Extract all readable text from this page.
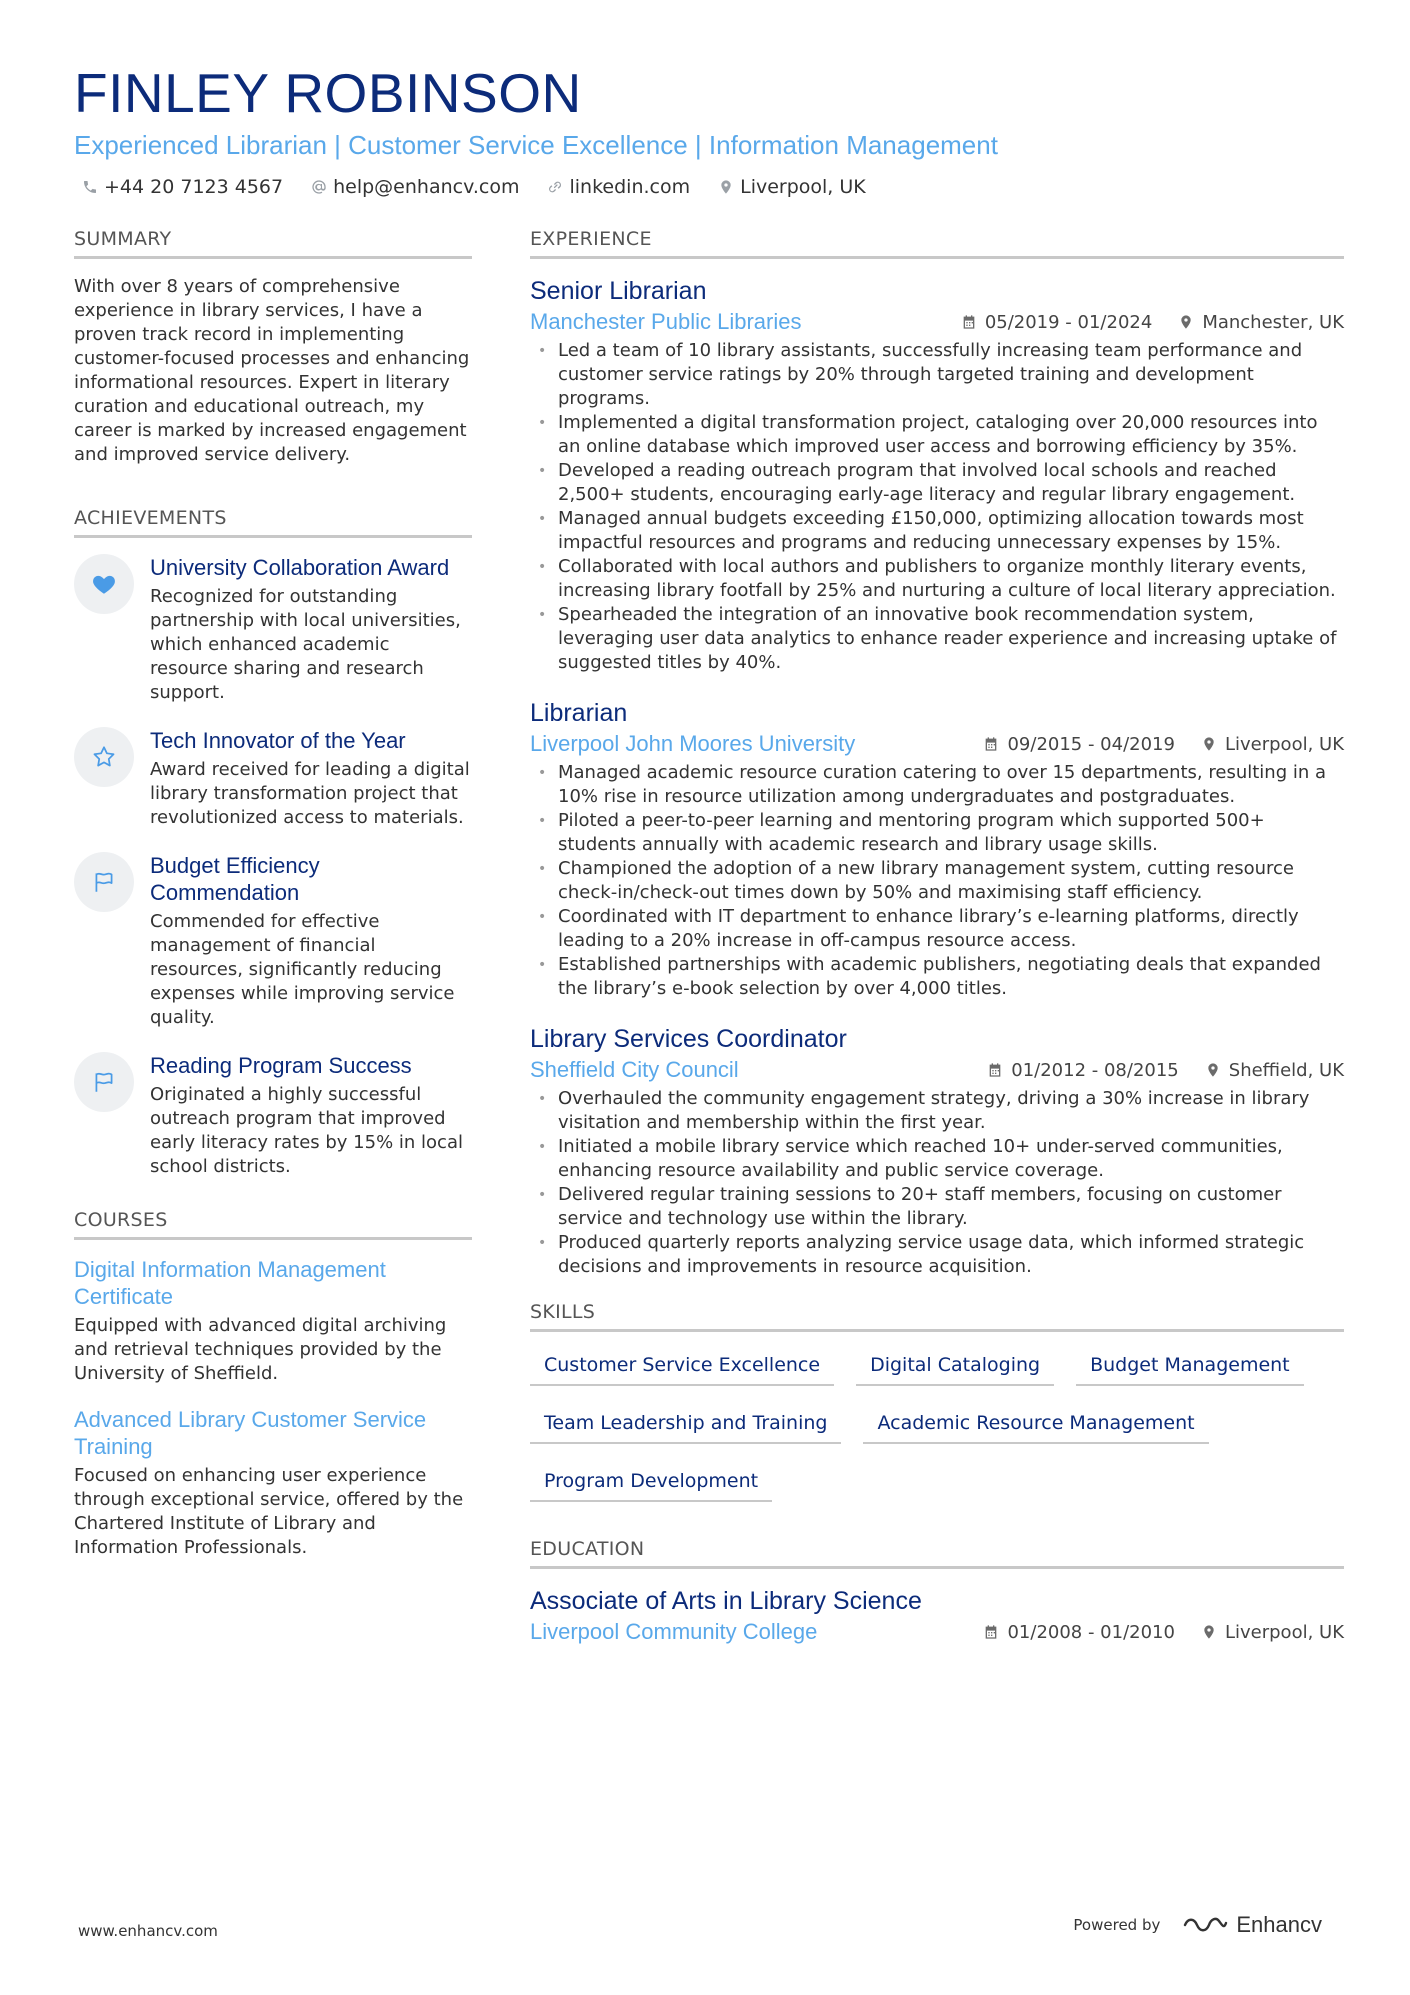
FINLEY ROBINSON
Experienced Librarian | Customer Service Excellence | Information Management
+44 20 7123 4567	help@enhancv.com	linkedin.com	Liverpool, UK
SUMMARY
With over 8 years of comprehensive experience in library services, I have a proven track record in implementing customer-focused processes and enhancing informational resources. Expert in literary curation and educational outreach, my career is marked by increased engagement and improved service delivery.
ACHIEVEMENTS
University Collaboration Award
Recognized for outstanding partnership with local universities, which enhanced academic resource sharing and research support.
Tech Innovator of the Year
Award received for leading a digital library transformation project that revolutionized access to materials.
Budget Efficiency Commendation
Commended for effective management of financial resources, significantly reducing expenses while improving service quality.
Reading Program Success
Originated a highly successful outreach program that improved early literacy rates by 15% in local school districts.
COURSES
Digital Information Management Certificate
Equipped with advanced digital archiving and retrieval techniques provided by the University of Sheffield.
Advanced Library Customer Service Training
Focused on enhancing user experience through exceptional service, offered by the Chartered Institute of Library and Information Professionals.
EXPERIENCE
Senior Librarian
Manchester Public Libraries	05/2019 - 01/2024	Manchester, UK
• Led a team of 10 library assistants, successfully increasing team performance and customer service ratings by 20% through targeted training and development programs.
• Implemented a digital transformation project, cataloging over 20,000 resources into an online database which improved user access and borrowing efficiency by 35%.
• Developed a reading outreach program that involved local schools and reached 2,500+ students, encouraging early-age literacy and regular library engagement.
• Managed annual budgets exceeding £150,000, optimizing allocation towards most impactful resources and programs and reducing unnecessary expenses by 15%.
• Collaborated with local authors and publishers to organize monthly literary events, increasing library footfall by 25% and nurturing a culture of local literary appreciation.
• Spearheaded the integration of an innovative book recommendation system, leveraging user data analytics to enhance reader experience and increasing uptake of suggested titles by 40%.
Librarian
Liverpool John Moores University	09/2015 - 04/2019	Liverpool, UK
• Managed academic resource curation catering to over 15 departments, resulting in a 10% rise in resource utilization among undergraduates and postgraduates.
• Piloted a peer-to-peer learning and mentoring program which supported 500+ students annually with academic research and library usage skills.
• Championed the adoption of a new library management system, cutting resource check-in/check-out times down by 50% and maximising staff efficiency.
• Coordinated with IT department to enhance library’s e-learning platforms, directly leading to a 20% increase in off-campus resource access.
• Established partnerships with academic publishers, negotiating deals that expanded the library’s e-book selection by over 4,000 titles.
Library Services Coordinator
Sheffield City Council	01/2012 - 08/2015	Sheffield, UK
• Overhauled the community engagement strategy, driving a 30% increase in library visitation and membership within the first year.
• Initiated a mobile library service which reached 10+ under-served communities, enhancing resource availability and public service coverage.
• Delivered regular training sessions to 20+ staff members, focusing on customer service and technology use within the library.
• Produced quarterly reports analyzing service usage data, which informed strategic decisions and improvements in resource acquisition.
SKILLS
Customer Service Excellence	Digital Cataloging	Budget Management
Team Leadership and Training	Academic Resource Management
Program Development
EDUCATION
Associate of Arts in Library Science
Liverpool Community College	01/2008 - 01/2010	Liverpool, UK
www.enhancv.com	Powered by	Enhancv
